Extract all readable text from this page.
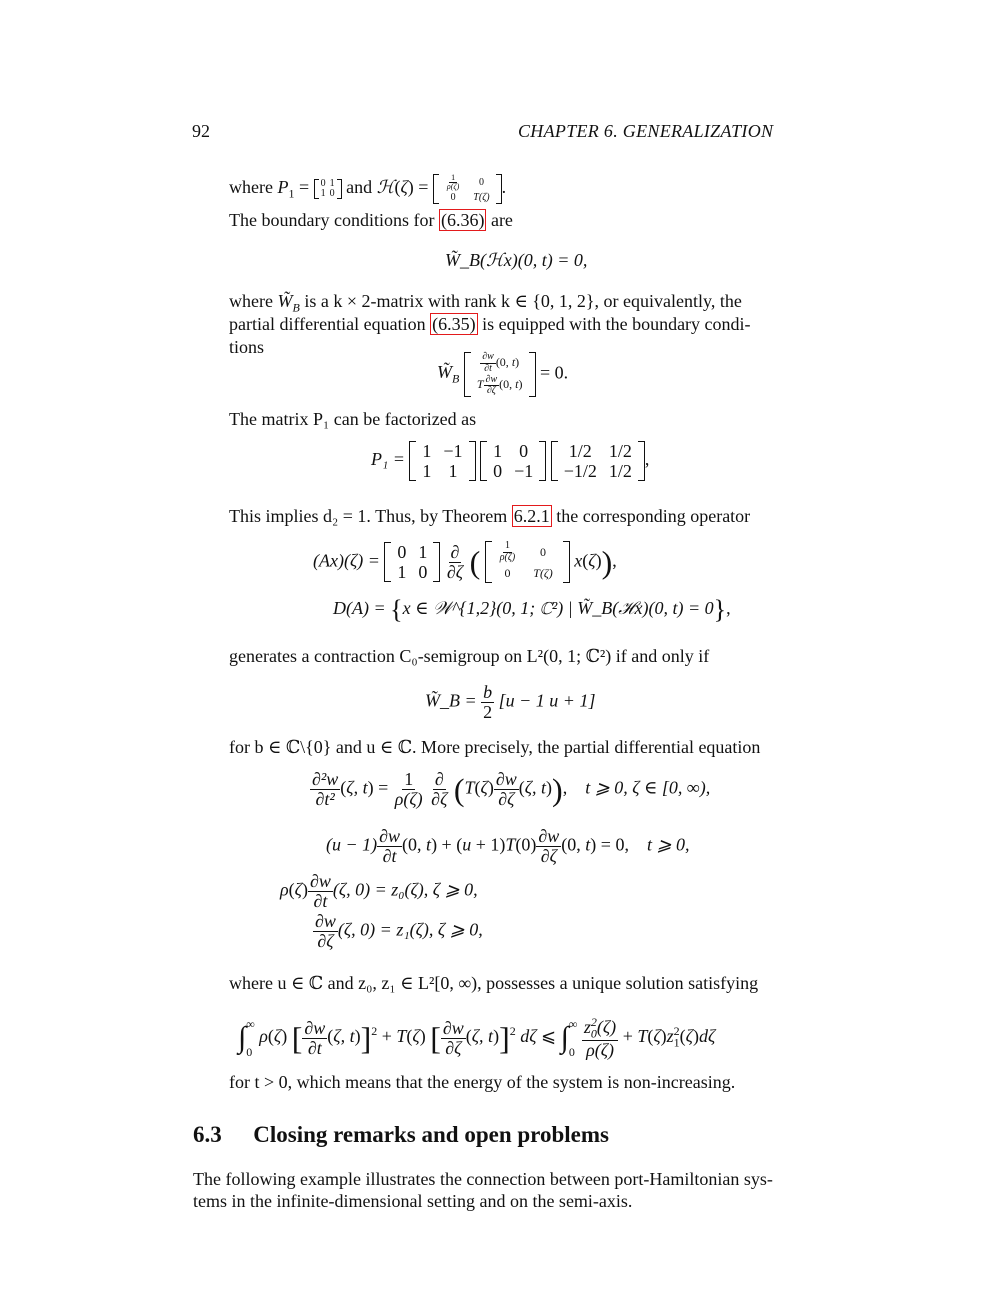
92	CHAPTER 6. GENERALIZATION
where $P_1 = 0$	1
1	0 and ℋ(ζ) = $\frac{1}{\rho(\zeta)}$	0
0	T(ζ)
.
The boundary conditions for (6.36) are
W̃_B(ℋx)(0, t) = 0,
where $W̃_B$ is a k × 2-matrix with rank k ∈ {0, 1, 2}, or equivalently, the
partial differential equation (6.35) is equipped with the boundary condi-
tions
$W̃_B$
$\frac{\partial w}{\partial t} (0$, t)
T $\frac{\partial w}{\partial\zeta} (0$, t)
= 0.
The matrix P₁ can be factorized as
P₁ = 1	−1
1	1

1	0
0	−1

1/2	1/2
−1/2	1/2
,
This implies d₂ = 1. Thus, by Theorem 6.2.1 the corresponding operator
(Ax)(ζ) = 0	1
1	0
$\frac{\partial}{\partial\zeta}$ ( $\frac{1}{\rho(\zeta)}$	0
0	T(ζ)
x(ζ)),
D(A) = {x ∈ 𝒲^{1,2}(0, 1; ℂ²) | W̃_B(ℋx)(0, t) = 0},
generates a contraction C₀-semigroup on L²(0, 1; ℂ²) if and only if
W̃_B = $\frac{b}{2} [u - 1$ u + 1]
for b ∈ ℂ\{0} and u ∈ ℂ. More precisely, the partial differential equation
$\frac{\text{∂²w}}{\text{∂t²}} (\zeta$, $t) = \frac{1}{\rho(\zeta)}$
$\frac{\partial}{\partial\zeta} (T(\zeta) \frac{\partial w}{\partial\zeta} (\zeta$, t)),    t ⩾ 0, ζ ∈ [0, ∞),
$(u - 1) \frac{\partial w}{\partial t} (0$, $t) + (u + 1)T(0) \frac{\partial w}{\partial\zeta} (0$, t) = 0,    t ⩾ 0,
$\rho(\zeta) \frac{\partial w}{\partial t} (\zeta$, 0) = z₀(ζ), ζ ⩾ 0,
$\frac{\partial w}{\partial\zeta} (\zeta$, 0) = z₁(ζ), ζ ⩾ 0,
where u ∈ ℂ and z₀, z₁ ∈ L²[0, ∞), possesses a unique solution satisfying
∫ ∞
0
ρ(ζ) [ $\frac{\partial w}{\partial t} (\zeta$, t)]$^2$ + T(ζ) [ $\frac{\partial w}{\partial\zeta} (\zeta$, t)]$^2$ dζ ⩽ ∫ ∞
0
$\frac{z_0^2(\zeta)}{\rho(\zeta)} + T(\zeta)z_1^2(\zeta)d\zeta$
for t > 0, which means that the energy of the system is non-increasing.
6.3 Closing remarks and open problems
The following example illustrates the connection between port-Hamiltonian sys-
tems in the infinite-dimensional setting and on the semi-axis.
